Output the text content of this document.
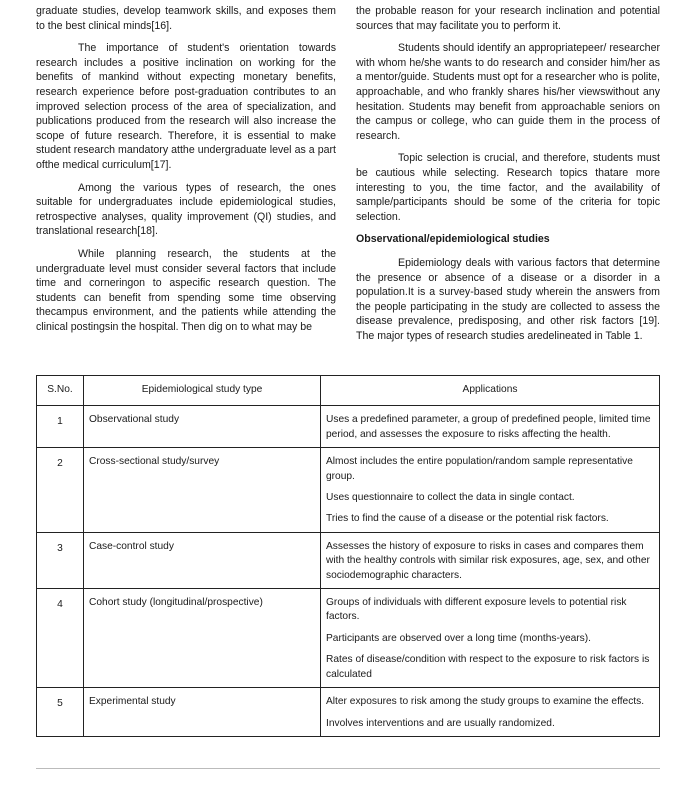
graduate studies, develop teamwork skills, and exposes them to the best clinical minds[16].

The importance of student's orientation towards research includes a positive inclination on working for the benefits of mankind without expecting monetary benefits, research experience before post-graduation contributes to an improved selection process of the area of specialization, and publications produced from the research will also increase the scope of future research. Therefore, it is essential to make student research mandatory atthe undergraduate level as a part ofthe medical curriculum[17].

Among the various types of research, the ones suitable for undergraduates include epidemiological studies, retrospective analyses, quality improvement (QI) studies, and translational research[18].

While planning research, the students at the undergraduate level must consider several factors that include time and corneringon to aspecific research question. The students can benefit from spending some time observing thecampus environment, and the patients while attending the clinical postingsin the hospital. Then dig on to what may be

the probable reason for your research inclination and potential sources that may facilitate you to perform it.

Students should identify an appropriatepeer/ researcher with whom he/she wants to do research and consider him/her as a mentor/guide. Students must opt for a researcher who is polite, approachable, and who frankly shares his/her viewswithout any hesitation. Students may benefit from approachable seniors on the campus or college, who can guide them in the process of research.

Topic selection is crucial, and therefore, students must be cautious while selecting. Research topics thatare more interesting to you, the time factor, and the availability of sample/participants should be some of the criteria for topic selection.

Observational/epidemiological studies

Epidemiology deals with various factors that determine the presence or absence of a disease or a disorder in a population.It is a survey-based study wherein the answers from the people participating in the study are collected to assess the disease prevalence, predisposing, and other risk factors [19]. The major types of research studies aredelineated in Table 1.

S.No.	Epidemiological study type	Applications
1	Observational study	Uses a predefined parameter, a group of predefined people, limited time period, and assesses the exposure to risks affecting the health.

2	Cross-sectional study/survey	Almost includes the entire population/random sample representative group.
Uses questionnaire to collect the data in single contact.
Tries to find the cause of a disease or the potential risk factors.

3	Case-control study	Assesses the history of exposure to risks in cases and compares them with the healthy controls with similar risk exposures, age, sex, and other sociodemographic characters.

4	Cohort study (longitudinal/prospective)	Groups of individuals with different exposure levels to potential risk factors.
Participants are observed over a long time (months-years).
Rates of disease/condition with respect to the exposure to risk factors is calculated

5	Experimental study	Alter exposures to risk among the study groups to examine the effects.
Involves interventions and are usually randomized.
